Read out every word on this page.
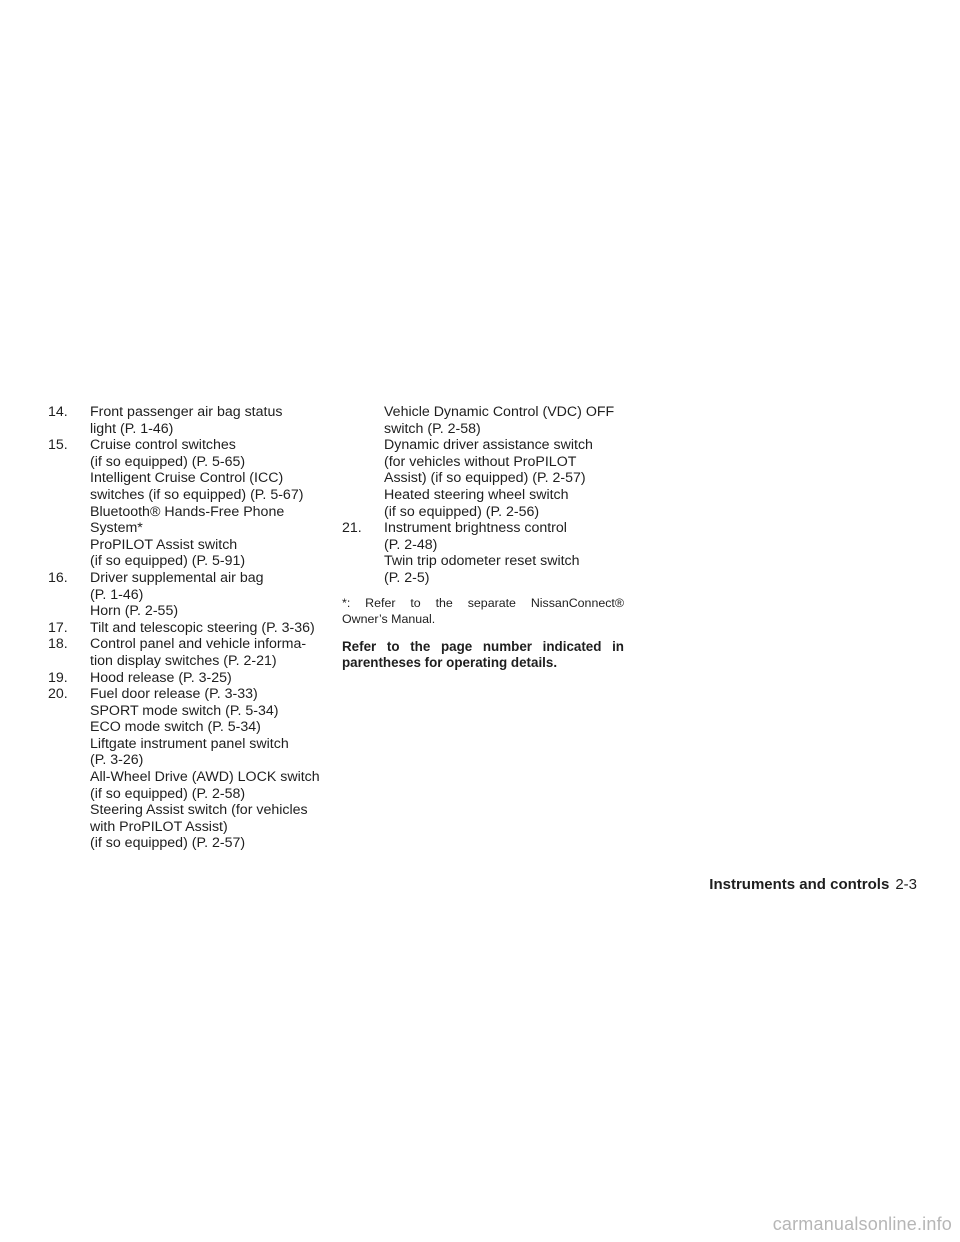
14. Front passenger air bag status
light (P. 1-46)
15. Cruise control switches
(if so equipped) (P. 5-65)
Intelligent Cruise Control (ICC)
switches (if so equipped) (P. 5-67)
Bluetooth® Hands-Free Phone
System*
ProPILOT Assist switch
(if so equipped) (P. 5-91)
16. Driver supplemental air bag
(P. 1-46)
Horn (P. 2-55)
17. Tilt and telescopic steering (P. 3-36)
18. Control panel and vehicle informa-
tion display switches (P. 2-21)
19. Hood release (P. 3-25)
20. Fuel door release (P. 3-33)
SPORT mode switch (P. 5-34)
ECO mode switch (P. 5-34)
Liftgate instrument panel switch
(P. 3-26)
All-Wheel Drive (AWD) LOCK switch
(if so equipped) (P. 2-58)
Steering Assist switch (for vehicles
with ProPILOT Assist)
(if so equipped) (P. 2-57)
Vehicle Dynamic Control (VDC) OFF
switch (P. 2-58)
Dynamic driver assistance switch
(for vehicles without ProPILOT
Assist) (if so equipped) (P. 2-57)
Heated steering wheel switch
(if so equipped) (P. 2-56)
21. Instrument brightness control
(P. 2-48)
Twin trip odometer reset switch
(P. 2-5)
*: Refer to the separate NissanConnect®
Owner’s Manual.
Refer to the page number indicated in
parentheses for operating details.
Instruments and controls 2-3
carmanualsonline.info
